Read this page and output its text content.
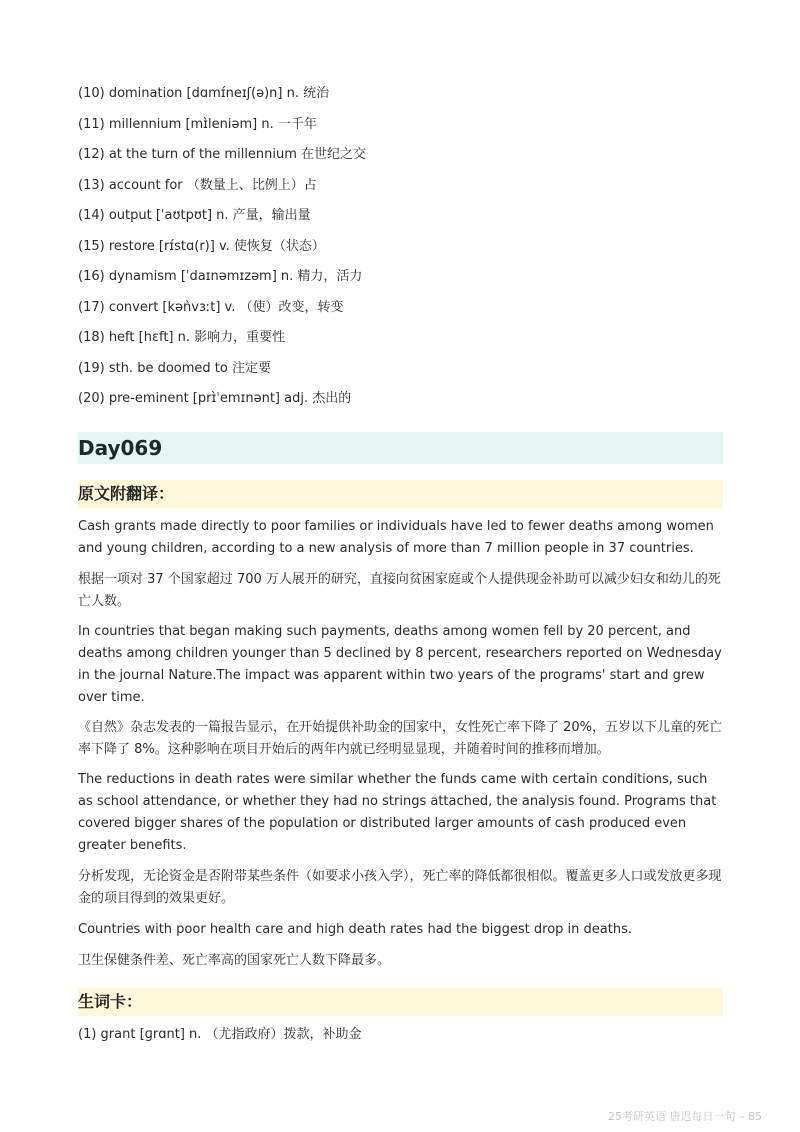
(10) domination [dɑmɪ́neɪʃ(ə)n] n. 统治
(11) millennium [mɪ̀leniəm] n. 一千年
(12) at the turn of the millennium 在世纪之交
(13) account for （数量上、比例上）占
(14) output [ˈaʊtpʊt] n. 产量，输出量
(15) restore [rɪ́stɑ(r)] v. 使恢复（状态）
(16) dynamism [ˈdaɪnəmɪzəm] n. 精力，活力
(17) convert [kəǹvɜːt] v. （使）改变，转变
(18) heft [hɛft] n. 影响力，重要性
(19) sth. be doomed to 注定要
(20) pre-eminent [prɪ̀ˈemɪnənt] adj. 杰出的
Day069
原文附翻译：

Cash grants made directly to poor families or individuals have led to fewer deaths among women and young children, according to a new analysis of more than 7 million people in 37 countries.

根据一项对 37 个国家超过 700 万人展开的研究，直接向贫困家庭或个人提供现金补助可以减少妇女和幼儿的死亡人数。

In countries that began making such payments, deaths among women fell by 20 percent, and deaths among children younger than 5 declined by 8 percent, researchers reported on Wednesday in the journal Nature.The impact was apparent within two years of the programs' start and grew over time.

《自然》杂志发表的一篇报告显示，在开始提供补助金的国家中，女性死亡率下降了 20%，五岁以下儿童的死亡率下降了 8%。这种影响在项目开始后的两年内就已经明显显现，并随着时间的推移而增加。

The reductions in death rates were similar whether the funds came with certain conditions, such as school attendance, or whether they had no strings attached, the analysis found. Programs that covered bigger shares of the population or distributed larger amounts of cash produced even greater benefits.

分析发现，无论资金是否附带某些条件（如要求小孩入学），死亡率的降低都很相似。覆盖更多人口或发放更多现金的项目得到的效果更好。

Countries with poor health care and high death rates had the biggest drop in deaths.

卫生保健条件差、死亡率高的国家死亡人数下降最多。

生词卡：
(1) grant [ɡrɑnt] n. （尤指政府）拨款，补助金
25考研英语 唐迟每日一句 – 85
